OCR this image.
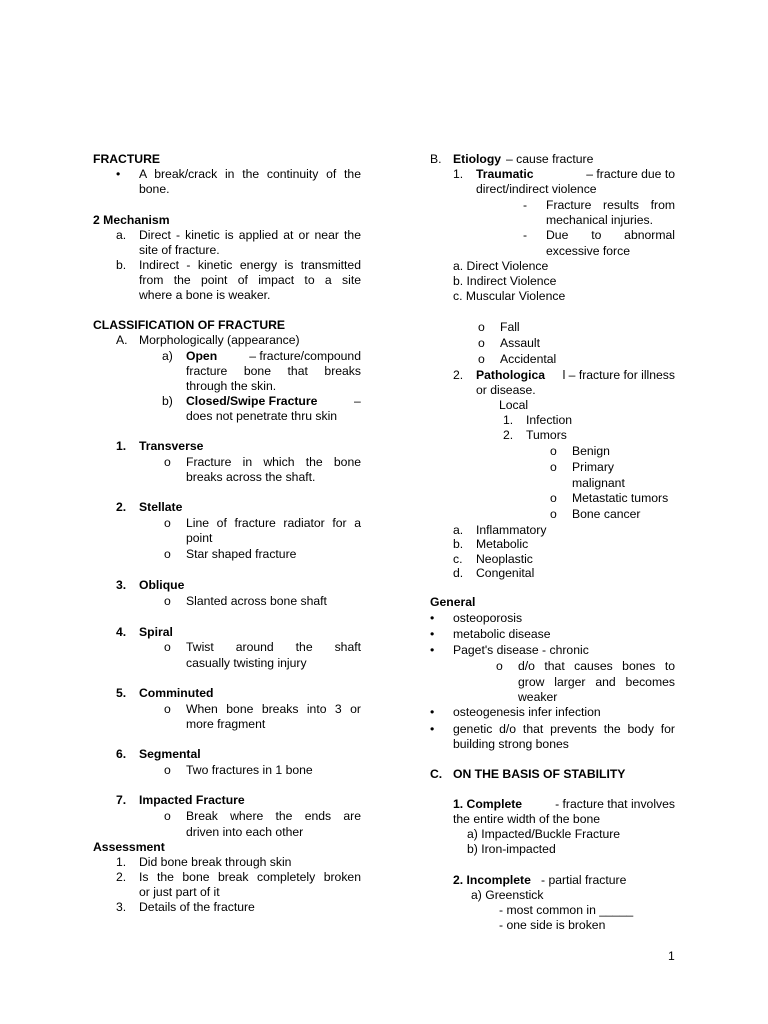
FRACTURE
• A break/crack in the continuity of the
bone.
2 Mechanism
a. Direct - kinetic is applied at or near the
site of fracture.
b. Indirect - kinetic energy is transmitted
from the point of impact to a site
where a bone is weaker.
CLASSIFICATION OF FRACTURE
A. Morphologically (appearance)
a) Open	– fracture/compound
fracture bone that breaks
through the skin.
b) Closed/Swipe Fracture	–
does not penetrate thru skin
1. Transverse
o Fracture in which the bone
breaks across the shaft.
2. Stellate
o Line of fracture radiator for a
point
o Star shaped fracture
3. Oblique
o Slanted across bone shaft
4. Spiral
o Twist around the shaft
casually twisting injury
5. Comminuted
o When bone breaks into 3 or
more fragment
6. Segmental
o Two fractures in 1 bone
7. Impacted Fracture
o Break where the ends are
driven into each other
Assessment
1. Did bone break through skin
2. Is the bone break completely broken
or just part of it
3. Details of the fracture
B. Etiology – cause fracture
1. Traumatic	– fracture due to
direct/indirect violence
- Fracture results from
mechanical injuries.
- Due to abnormal
excessive force
a. Direct Violence
b. Indirect Violence
c. Muscular Violence
o Fall
o Assault
o Accidental
2. Pathologica	l – fracture for illness
or disease.
Local
1. Infection
2. Tumors
o Benign
o Primary
malignant
o Metastatic tumors
o Bone cancer
a. Inflammatory
b. Metabolic
c. Neoplastic
d. Congenital
General
• osteoporosis
• metabolic disease
• Paget's disease - chronic
o d/o that causes bones to
grow larger and becomes
weaker
• osteogenesis infer infection
• genetic d/o that prevents the body for
building strong bones
C. ON THE BASIS OF STABILITY
1. Complete	- fracture that involves
the entire width of the bone
a) Impacted/Buckle Fracture
b) Iron-impacted
2. Incomplete - partial fracture
a) Greenstick
- most common in _____
- one side is broken
1
